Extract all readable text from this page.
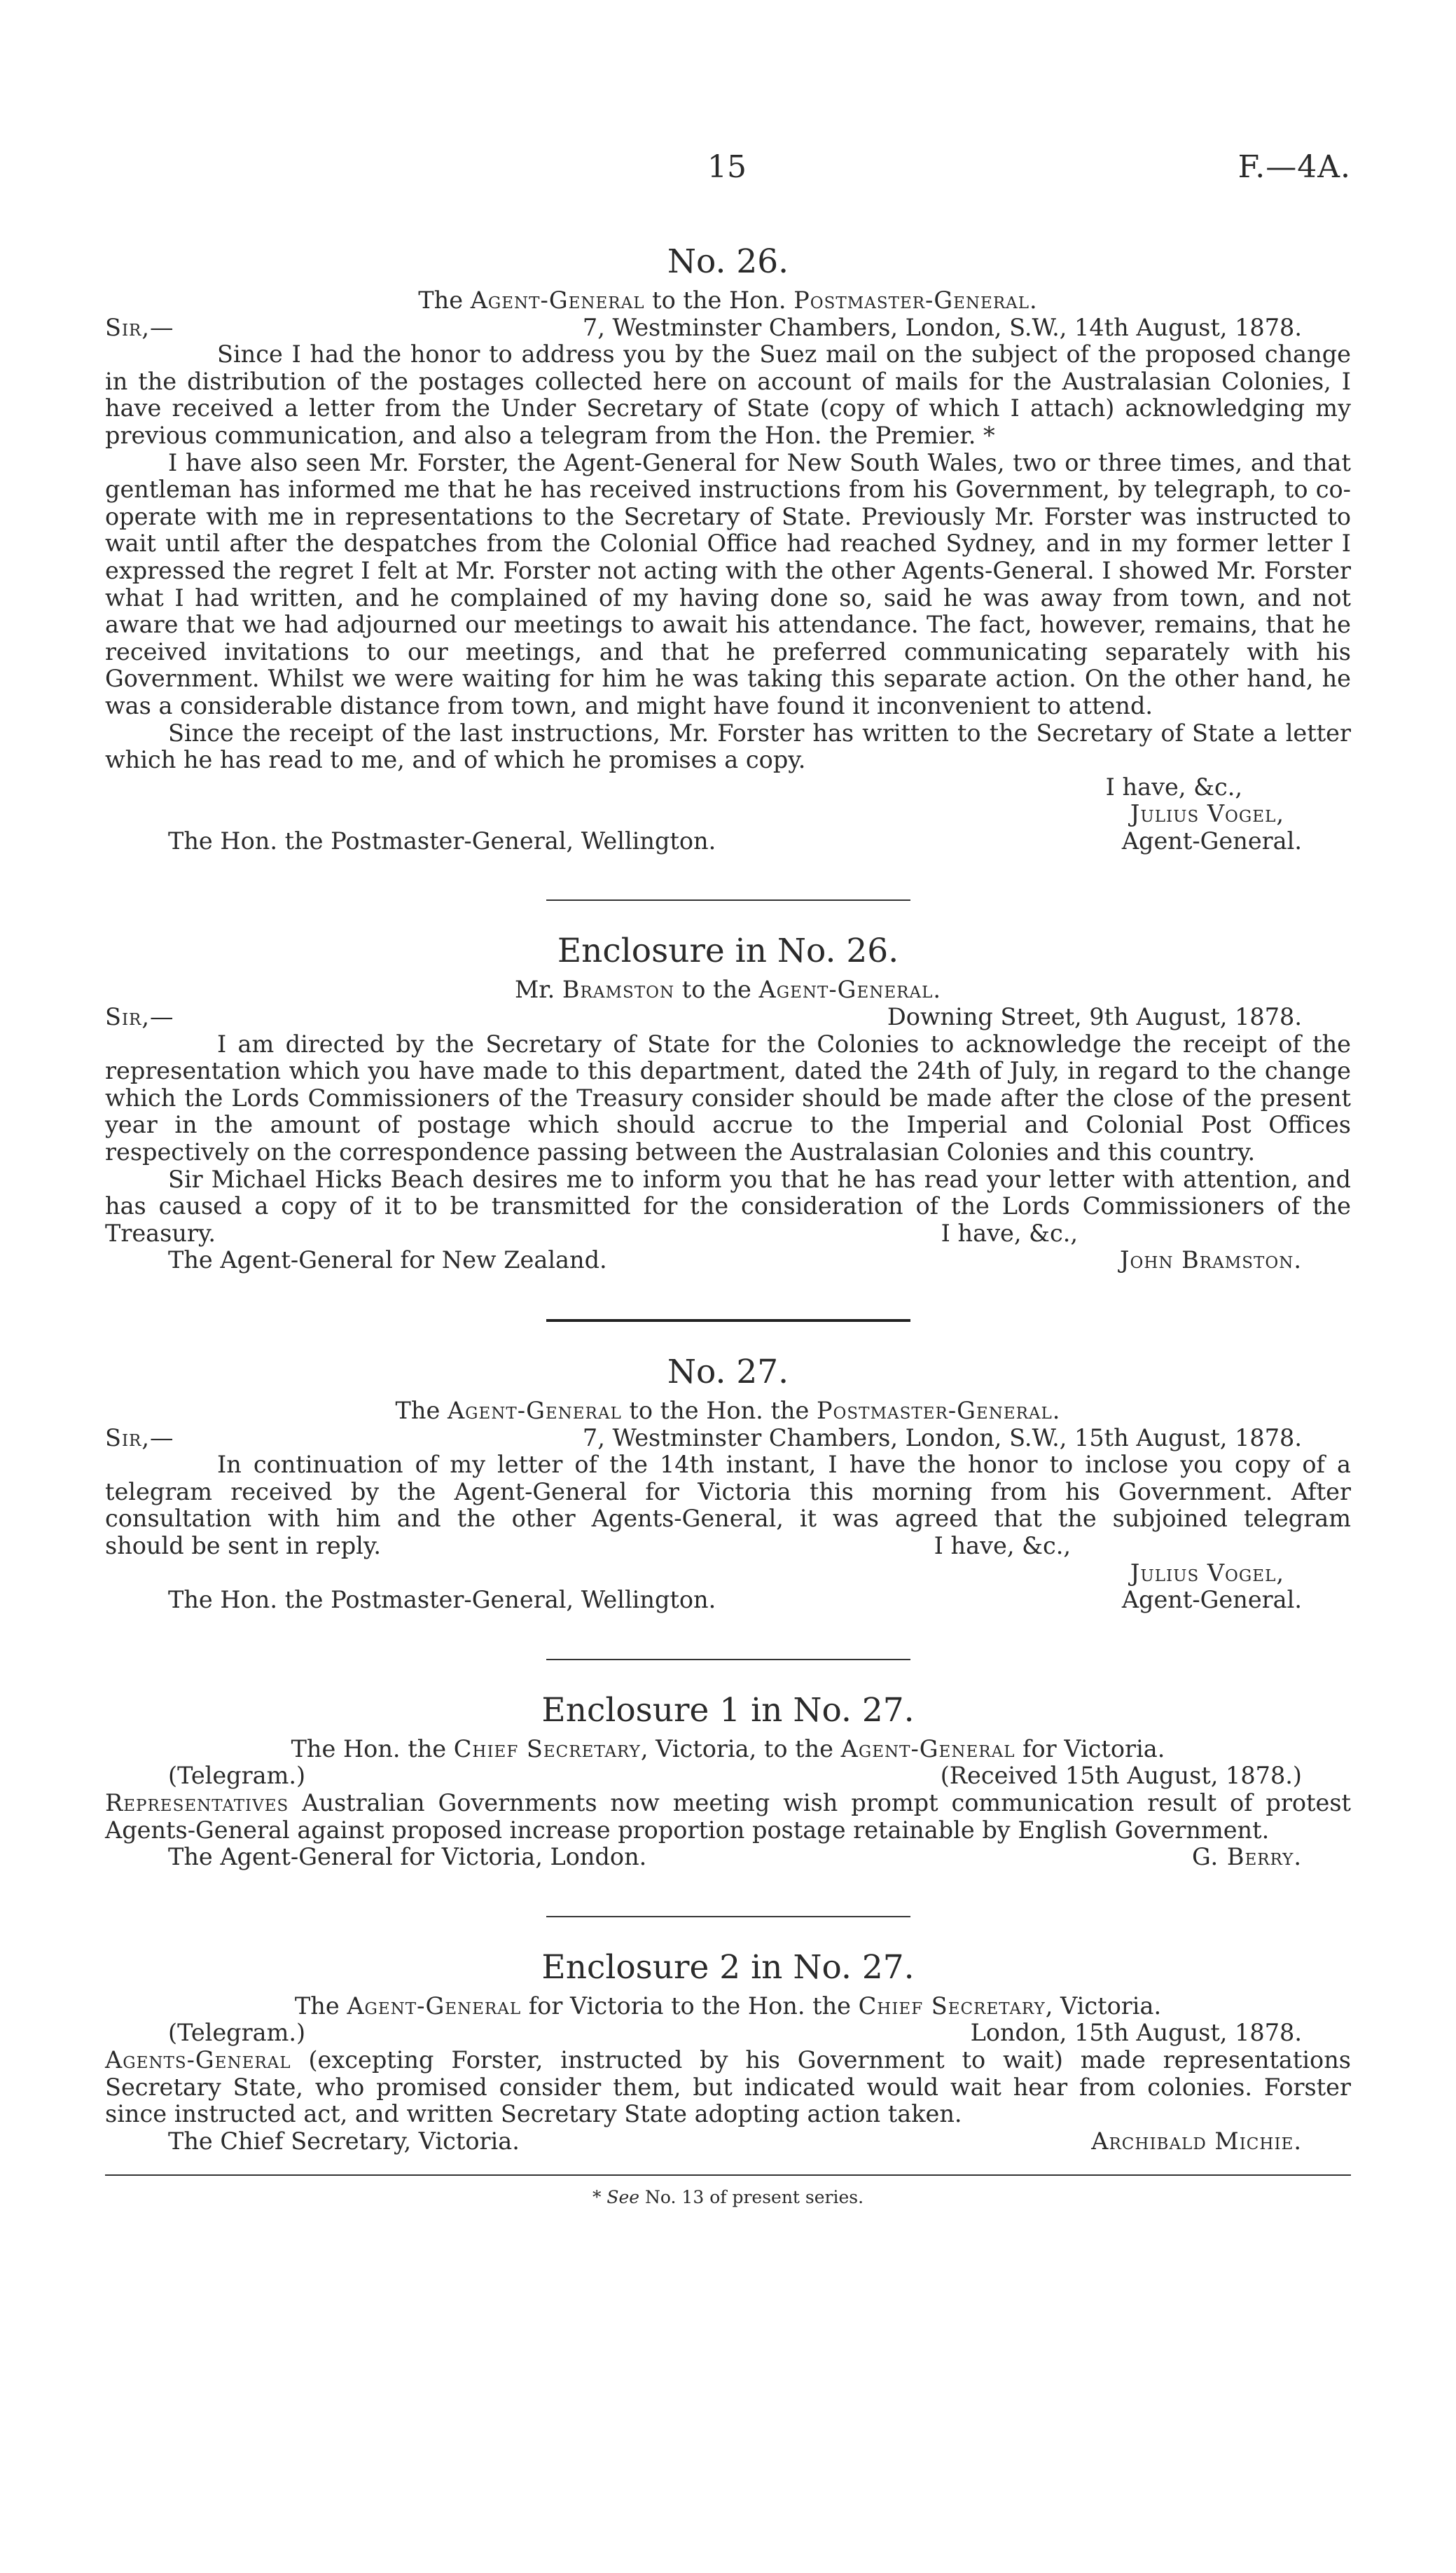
15	F.—4A.
No. 26.
The Agent-General to the Hon. Postmaster-General.
Sir,—	7, Westminster Chambers, London, S.W., 14th August, 1878.

Since I had the honor to address you by the Suez mail on the subject of the proposed change in the distribution of the postages collected here on account of mails for the Australasian Colonies, I have received a letter from the Under Secretary of State (copy of which I attach) acknowledging my previous communication, and also a telegram from the Hon. the Premier. *

I have also seen Mr. Forster, the Agent-General for New South Wales, two or three times, and that gentleman has informed me that he has received instructions from his Government, by telegraph, to co-operate with me in representations to the Secretary of State. Previously Mr. Forster was instructed to wait until after the despatches from the Colonial Office had reached Sydney, and in my former letter I expressed the regret I felt at Mr. Forster not acting with the other Agents-General. I showed Mr. Forster what I had written, and he complained of my having done so, said he was away from town, and not aware that we had adjourned our meetings to await his attendance. The fact, however, remains, that he received invitations to our meetings, and that he preferred communicating separately with his Government. Whilst we were waiting for him he was taking this separate action. On the other hand, he was a considerable distance from town, and might have found it inconvenient to attend.

Since the receipt of the last instructions, Mr. Forster has written to the Secretary of State a letter which he has read to me, and of which he promises a copy.

I have, &c.,
Julius Vogel,
The Hon. the Postmaster-General, Wellington.	Agent-General.
Enclosure in No. 26.
Mr. Bramston to the Agent-General.
Sir,—	Downing Street, 9th August, 1878.

I am directed by the Secretary of State for the Colonies to acknowledge the receipt of the representation which you have made to this department, dated the 24th of July, in regard to the change which the Lords Commissioners of the Treasury consider should be made after the close of the present year in the amount of postage which should accrue to the Imperial and Colonial Post Offices respectively on the correspondence passing between the Australasian Colonies and this country.

Sir Michael Hicks Beach desires me to inform you that he has read your letter with attention, and has caused a copy of it to be transmitted for the consideration of the Lords Commissioners of the

Treasury.	I have, &c.,
The Agent-General for New Zealand.	John Bramston.
No. 27.
The Agent-General to the Hon. the Postmaster-General.
Sir,—	7, Westminster Chambers, London, S.W., 15th August, 1878.

In continuation of my letter of the 14th instant, I have the honor to inclose you copy of a telegram received by the Agent-General for Victoria this morning from his Government. After consultation with him and the other Agents-General, it was agreed that the subjoined telegram

should be sent in reply.	I have, &c.,
Julius Vogel,
The Hon. the Postmaster-General, Wellington.	Agent-General.
Enclosure 1 in No. 27.
The Hon. the Chief Secretary, Victoria, to the Agent-General for Victoria.
(Telegram.)	(Received 15th August, 1878.)

Representatives Australian Governments now meeting wish prompt communication result of protest Agents-General against proposed increase proportion postage retainable by English Government.

The Agent-General for Victoria, London.	G. Berry.
Enclosure 2 in No. 27.
The Agent-General for Victoria to the Hon. the Chief Secretary, Victoria.
(Telegram.)	London, 15th August, 1878.

Agents-General (excepting Forster, instructed by his Government to wait) made representations Secretary State, who promised consider them, but indicated would wait hear from colonies. Forster since instructed act, and written Secretary State adopting action taken.

The Chief Secretary, Victoria.	Archibald Michie.
* See No. 13 of present series.
